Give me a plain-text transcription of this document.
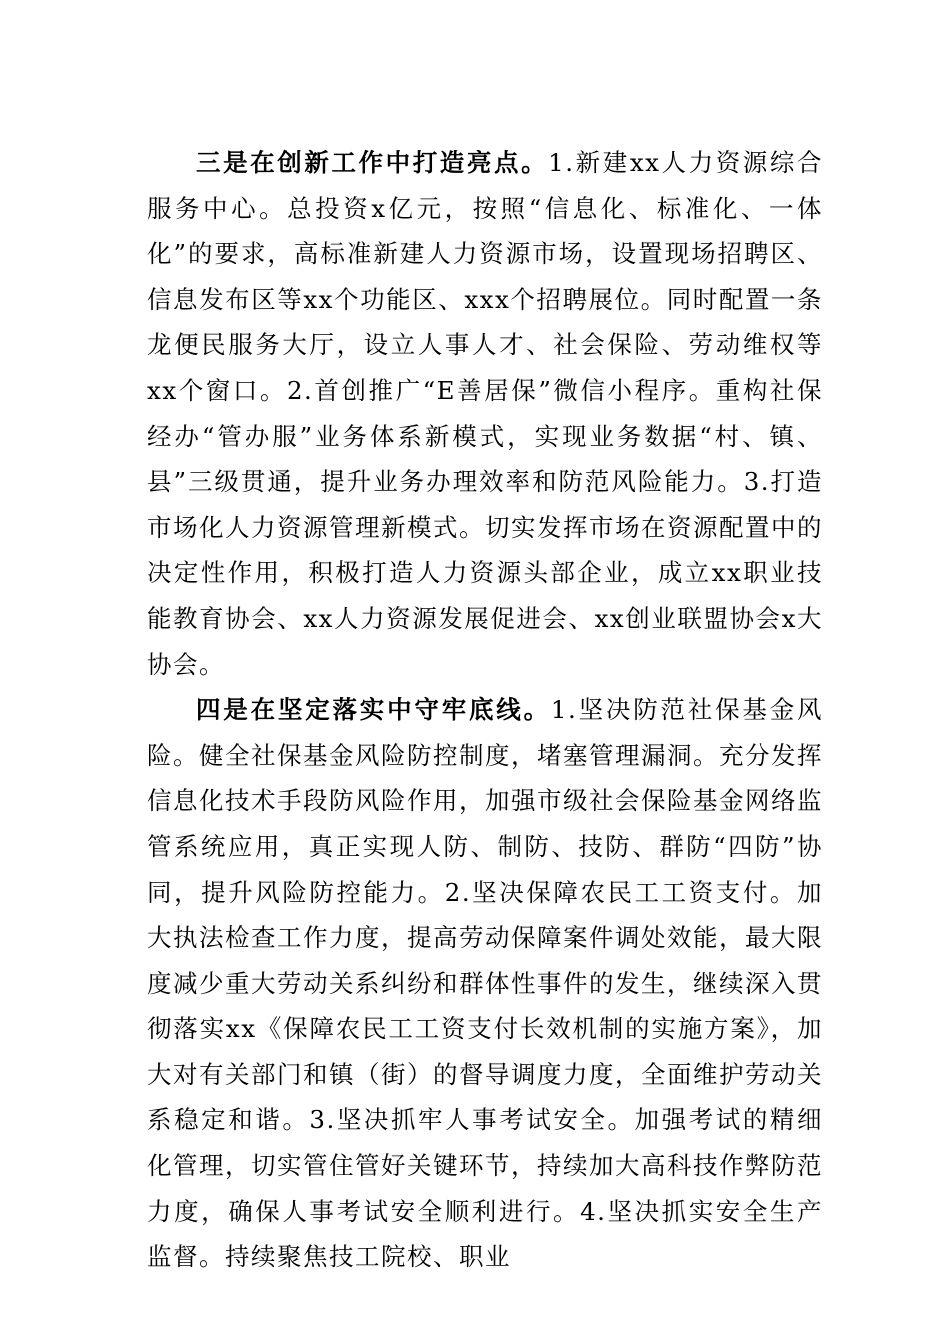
三是在创新工作中打造亮点。1.新建xx人力资源综合服务中心。总投资x亿元，按照“信息化、标准化、一体化”的要求，高标准新建人力资源市场，设置现场招聘区、信息发布区等xx个功能区、xxx个招聘展位。同时配置一条龙便民服务大厅，设立人事人才、社会保险、劳动维权等xx个窗口。2.首创推广“E善居保”微信小程序。重构社保经办“管办服”业务体系新模式，实现业务数据“村、镇、县”三级贯通，提升业务办理效率和防范风险能力。3.打造市场化人力资源管理新模式。切实发挥市场在资源配置中的决定性作用，积极打造人力资源头部企业，成立xx职业技能教育协会、xx人力资源发展促进会、xx创业联盟协会x大协会。

四是在坚定落实中守牢底线。1.坚决防范社保基金风险。健全社保基金风险防控制度，堵塞管理漏洞。充分发挥信息化技术手段防风险作用，加强市级社会保险基金网络监管系统应用，真正实现人防、制防、技防、群防“四防”协同，提升风险防控能力。2.坚决保障农民工工资支付。加大执法检查工作力度，提高劳动保障案件调处效能，最大限度减少重大劳动关系纠纷和群体性事件的发生，继续深入贯彻落实xx《保障农民工工资支付长效机制的实施方案》，加大对有关部门和镇（街）的督导调度力度，全面维护劳动关系稳定和谐。3.坚决抓牢人事考试安全。加强考试的精细化管理，切实管住管好关键环节，持续加大高科技作弊防范力度，确保人事考试安全顺利进行。4.坚决抓实安全生产监督。持续聚焦技工院校、职业
